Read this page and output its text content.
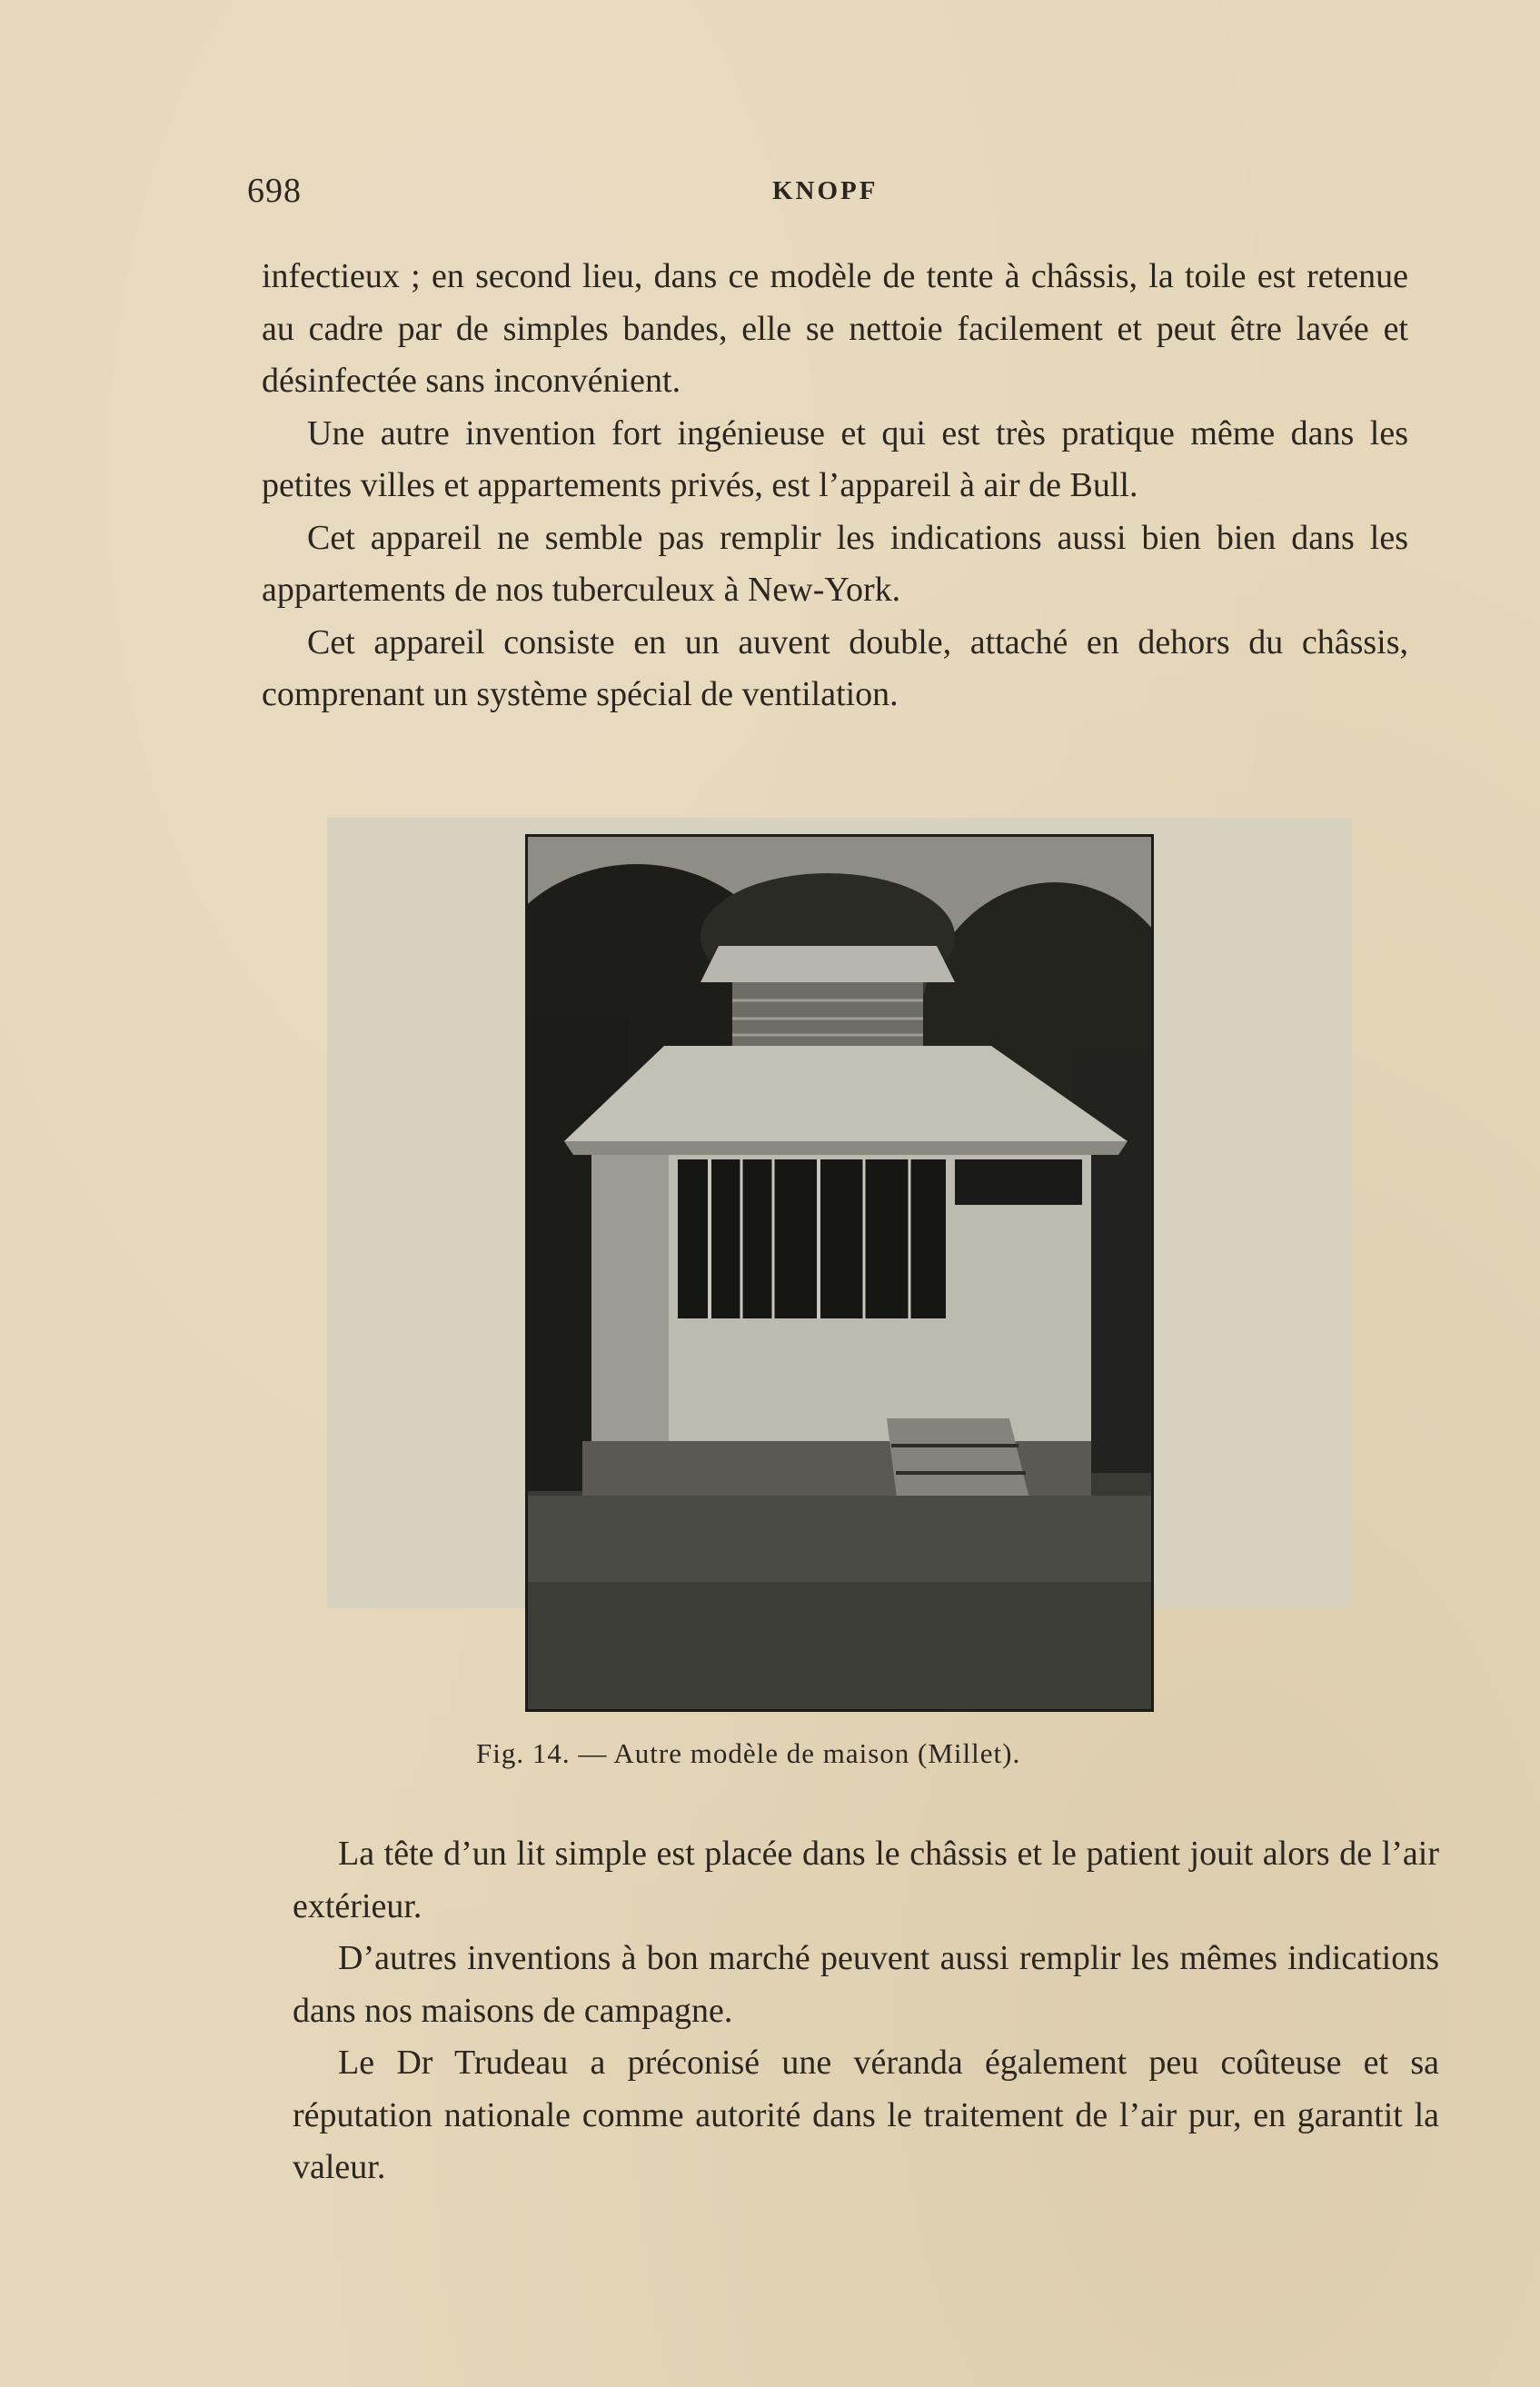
698	KNOPF

infectieux ; en second lieu, dans ce modèle de tente à châssis, la toile est retenue au cadre par de simples bandes, elle se nettoie facilement et peut être lavée et désinfectée sans inconvénient.

Une autre invention fort ingénieuse et qui est très pratique même dans les petites villes et appartements privés, est l’appareil à air de Bull.

Cet appareil ne semble pas remplir les indications aussi bien bien dans les appartements de nos tuberculeux à New-York.

Cet appareil consiste en un auvent double, attaché en dehors du châssis, comprenant un système spécial de ventilation.

Fig. 14. — Autre modèle de maison (Millet).

La tête d’un lit simple est placée dans le châssis et le patient jouit alors de l’air extérieur.

D’autres inventions à bon marché peuvent aussi remplir les mêmes indications dans nos maisons de campagne.

Le Dr Trudeau a préconisé une véranda également peu coûteuse et sa réputation nationale comme autorité dans le traitement de l’air pur, en garantit la valeur.
